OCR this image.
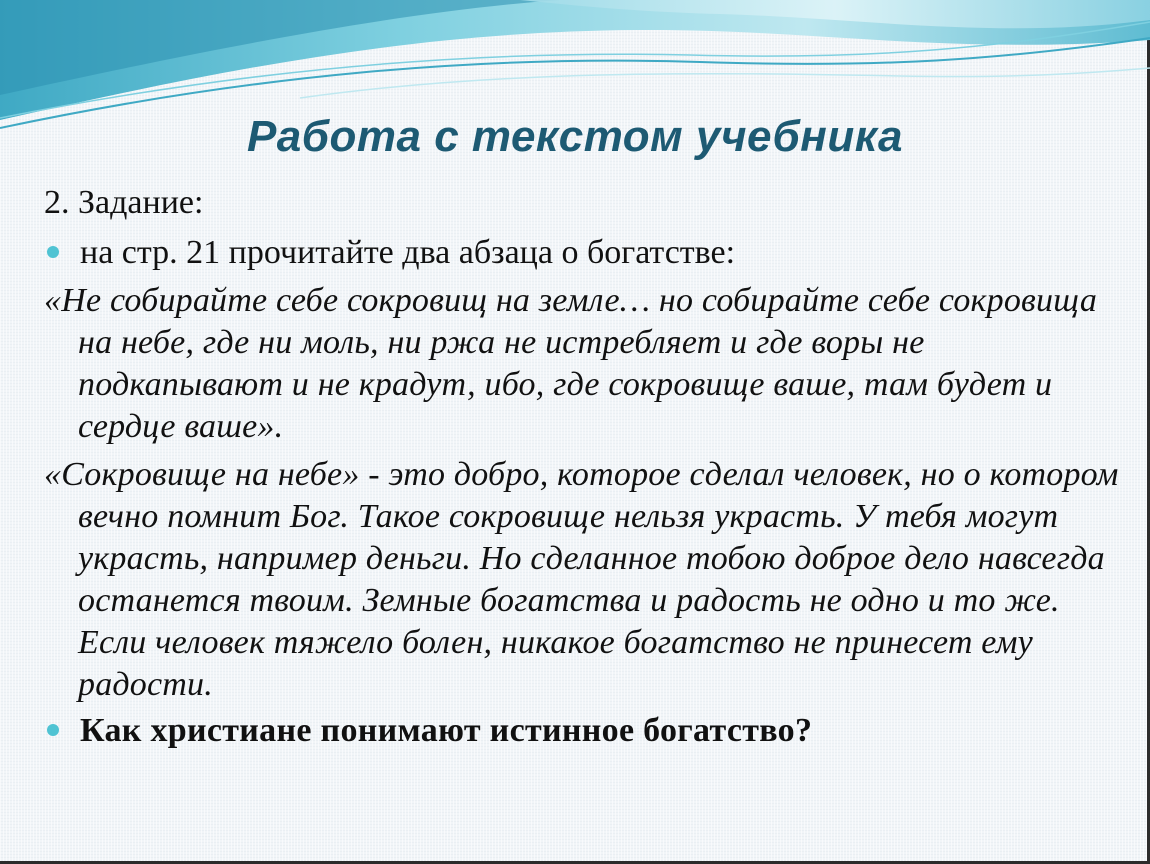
Работа с текстом учебника

2. Задание:

на стр. 21 прочитайте два абзаца о богатстве:

«Не собирайте себе сокровищ на земле… но собирайте себе сокровища на небе, где ни моль, ни ржа не истребляет и где воры не подкапывают и не крадут, ибо, где сокровище ваше, там будет и сердце ваше».

«Сокровище на небе» - это добро, которое сделал человек, но о котором вечно помнит Бог. Такое сокровище нельзя украсть. У тебя могут украсть, например деньги. Но сделанное тобою доброе дело навсегда останется твоим. Земные богатства и радость не одно и то же. Если человек тяжело болен, никакое богатство не принесет ему радости.

Как христиане понимают истинное богатство?
